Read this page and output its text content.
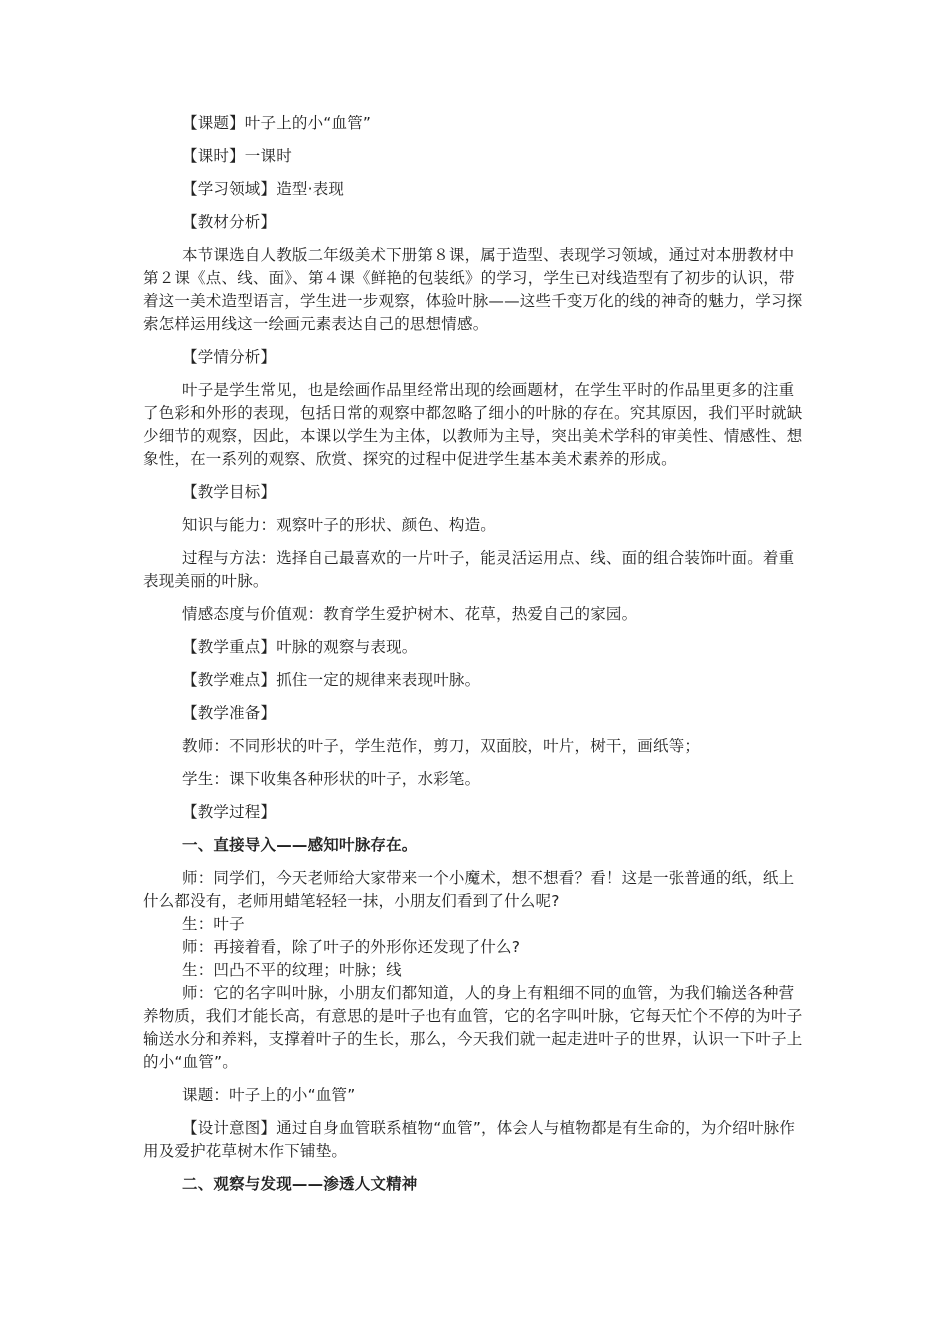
【课题】叶子上的小“血管”

【课时】一课时

【学习领域】造型·表现

【教材分析】

本节课选自人教版二年级美术下册第８课，属于造型、表现学习领域，通过对本册教材中第２课《点、线、面》、第４课《鲜艳的包装纸》的学习，学生已对线造型有了初步的认识，带着这一美术造型语言，学生进一步观察，体验叶脉——这些千变万化的线的神奇的魅力，学习探索怎样运用线这一绘画元素表达自己的思想情感。

【学情分析】

叶子是学生常见，也是绘画作品里经常出现的绘画题材，在学生平时的作品里更多的注重了色彩和外形的表现，包括日常的观察中都忽略了细小的叶脉的存在。究其原因，我们平时就缺少细节的观察，因此，本课以学生为主体，以教师为主导，突出美术学科的审美性、情感性、想象性，在一系列的观察、欣赏、探究的过程中促进学生基本美术素养的形成。

【教学目标】

知识与能力：观察叶子的形状、颜色、构造。

过程与方法：选择自己最喜欢的一片叶子，能灵活运用点、线、面的组合装饰叶面。着重表现美丽的叶脉。

情感态度与价值观：教育学生爱护树木、花草，热爱自己的家园。

【教学重点】叶脉的观察与表现。

【教学难点】抓住一定的规律来表现叶脉。

【教学准备】

教师：不同形状的叶子，学生范作，剪刀，双面胶，叶片，树干，画纸等；

学生：课下收集各种形状的叶子，水彩笔。

【教学过程】

一、直接导入——感知叶脉存在。

师：同学们，今天老师给大家带来一个小魔术，想不想看？看！这是一张普通的纸，纸上什么都没有，老师用蜡笔轻轻一抹，小朋友们看到了什么呢?

生：叶子

师：再接着看，除了叶子的外形你还发现了什么?

生：凹凸不平的纹理；叶脉；线

师：它的名字叫叶脉，小朋友们都知道，人的身上有粗细不同的血管，为我们输送各种营养物质，我们才能长高，有意思的是叶子也有血管，它的名字叫叶脉，它每天忙个不停的为叶子输送水分和养料，支撑着叶子的生长，那么，今天我们就一起走进叶子的世界，认识一下叶子上的小“血管”。

课题：叶子上的小“血管”

【设计意图】通过自身血管联系植物“血管”，体会人与植物都是有生命的，为介绍叶脉作用及爱护花草树木作下铺垫。

二、观察与发现——渗透人文精神
